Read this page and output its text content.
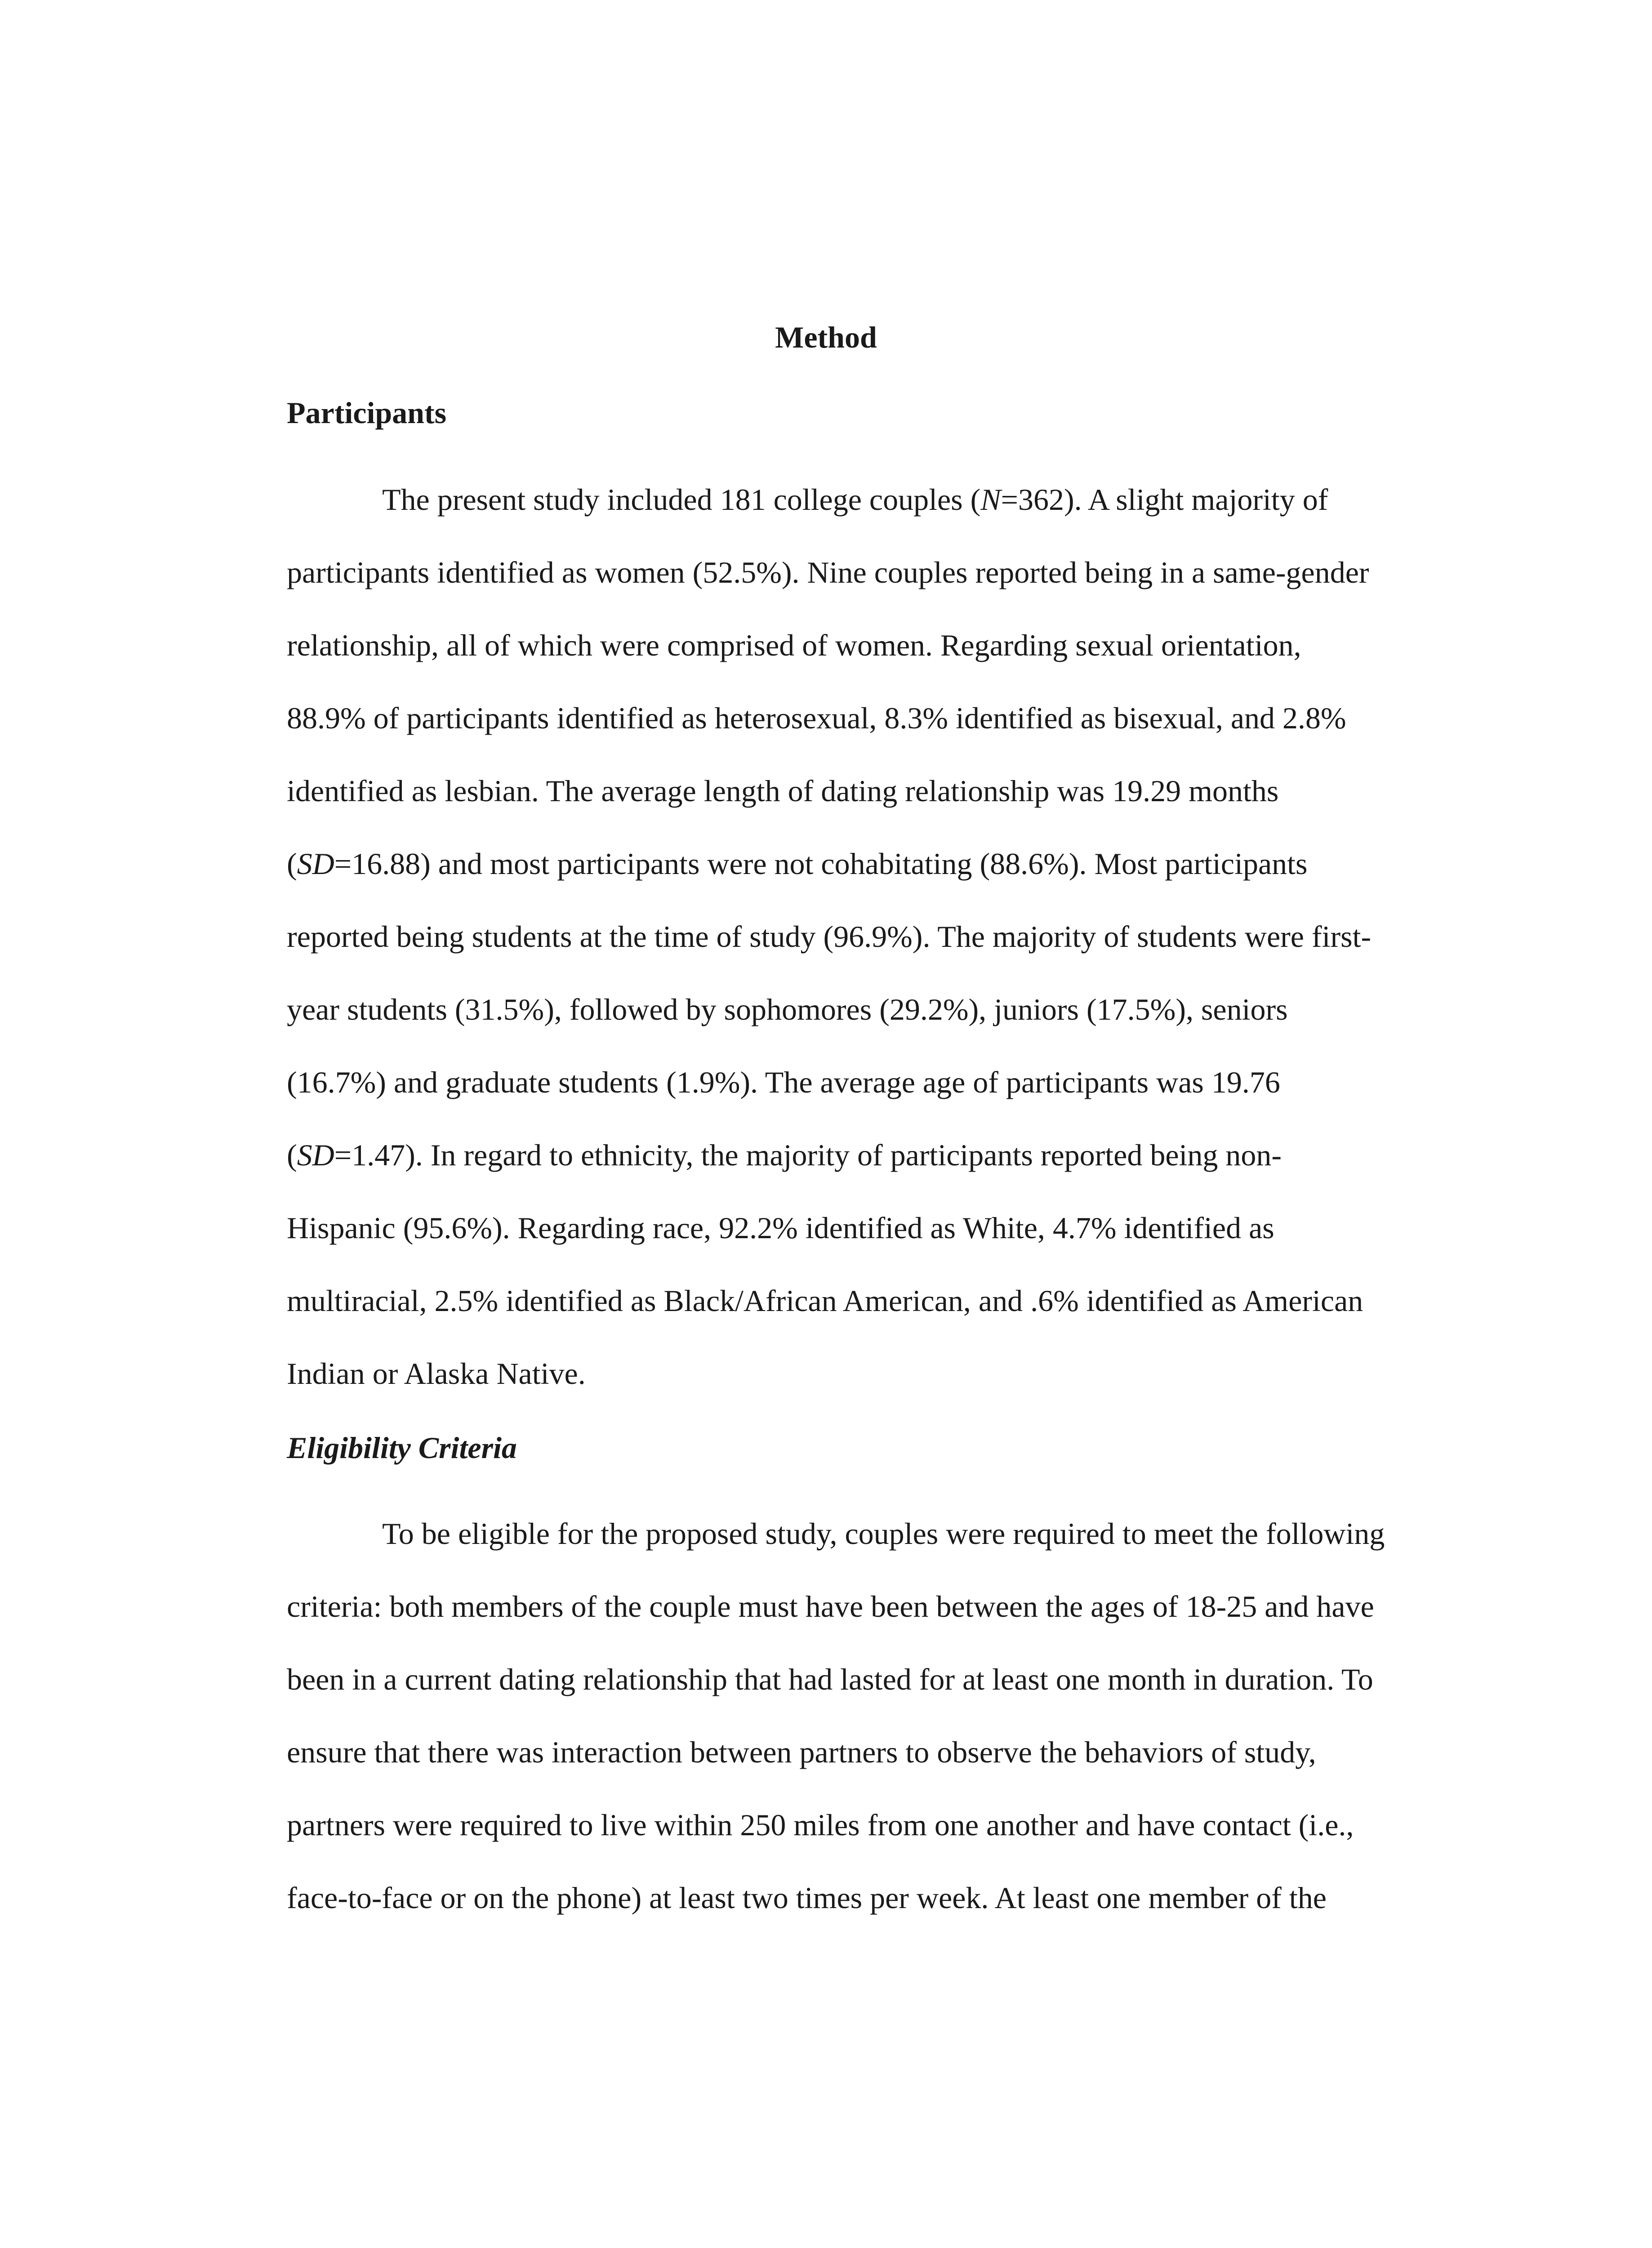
Method
Participants
The present study included 181 college couples (N=362). A slight majority of
participants identified as women (52.5%). Nine couples reported being in a same-gender
relationship, all of which were comprised of women. Regarding sexual orientation,
88.9% of participants identified as heterosexual, 8.3% identified as bisexual, and 2.8%
identified as lesbian. The average length of dating relationship was 19.29 months
(SD=16.88) and most participants were not cohabitating (88.6%). Most participants
reported being students at the time of study (96.9%). The majority of students were first-
year students (31.5%), followed by sophomores (29.2%), juniors (17.5%), seniors
(16.7%) and graduate students (1.9%). The average age of participants was 19.76
(SD=1.47). In regard to ethnicity, the majority of participants reported being non-
Hispanic (95.6%). Regarding race, 92.2% identified as White, 4.7% identified as
multiracial, 2.5% identified as Black/African American, and .6% identified as American
Indian or Alaska Native.
Eligibility Criteria
To be eligible for the proposed study, couples were required to meet the following
criteria: both members of the couple must have been between the ages of 18-25 and have
been in a current dating relationship that had lasted for at least one month in duration. To
ensure that there was interaction between partners to observe the behaviors of study,
partners were required to live within 250 miles from one another and have contact (i.e.,
face-to-face or on the phone) at least two times per week. At least one member of the
